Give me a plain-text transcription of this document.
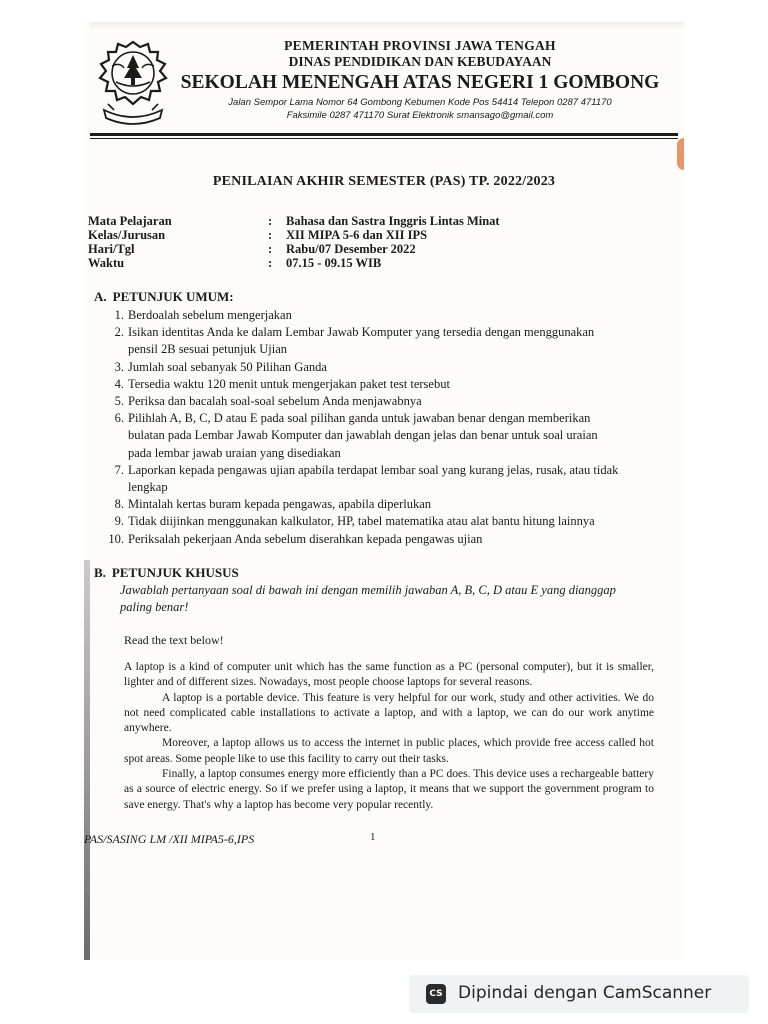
PEMERINTAH PROVINSI JAWA TENGAH
DINAS PENDIDIKAN DAN KEBUDAYAAN
SEKOLAH MENENGAH ATAS NEGERI 1 GOMBONG
Jalan Sempor Lama Nomor 64 Gombong Kebumen Kode Pos 54414 Telepon 0287 471170
Faksimile 0287 471170 Surat Elektronik smansago@gmail.com
PENILAIAN AKHIR SEMESTER (PAS) TP. 2022/2023
Mata Pelajaran	: Bahasa dan Sastra Inggris Lintas Minat
Kelas/Jurusan	: XII MIPA 5-6 dan XII IPS
Hari/Tgl	: Rabu/07 Desember 2022
Waktu	: 07.15 - 09.15 WIB
A. PETUNJUK UMUM:
1. Berdoalah sebelum mengerjakan
2. Isikan identitas Anda ke dalam Lembar Jawab Komputer yang tersedia dengan menggunakan pensil 2B sesuai petunjuk Ujian
3. Jumlah soal sebanyak 50 Pilihan Ganda
4. Tersedia waktu 120 menit untuk mengerjakan paket test tersebut
5. Periksa dan bacalah soal-soal sebelum Anda menjawabnya
6. Pilihlah A, B, C, D atau E pada soal pilihan ganda untuk jawaban benar dengan memberikan bulatan pada Lembar Jawab Komputer dan jawablah dengan jelas dan benar untuk soal uraian pada lembar jawab uraian yang disediakan
7. Laporkan kepada pengawas ujian apabila terdapat lembar soal yang kurang jelas, rusak, atau tidak lengkap
8. Mintalah kertas buram kepada pengawas, apabila diperlukan
9. Tidak diijinkan menggunakan kalkulator, HP, tabel matematika atau alat bantu hitung lainnya
10. Periksalah pekerjaan Anda sebelum diserahkan kepada pengawas ujian
B. PETUNJUK KHUSUS
Jawablah pertanyaan soal di bawah ini dengan memilih jawaban A, B, C, D atau E yang dianggap paling benar!
Read the text below!

A laptop is a kind of computer unit which has the same function as a PC (personal computer), but it is smaller, lighter and of different sizes. Nowadays, most people choose laptops for several reasons.

A laptop is a portable device. This feature is very helpful for our work, study and other activities. We do not need complicated cable installations to activate a laptop, and with a laptop, we can do our work anytime anywhere.

Moreover, a laptop allows us to access the internet in public places, which provide free access called hot spot areas. Some people like to use this facility to carry out their tasks.

Finally, a laptop consumes energy more efficiently than a PC does. This device uses a rechargeable battery as a source of electric energy. So if we prefer using a laptop, it means that we support the government program to save energy. That's why a laptop has become very popular recently.

PAS/SASING LM /XII MIPA5-6,IPS	1
CS Dipindai dengan CamScanner
